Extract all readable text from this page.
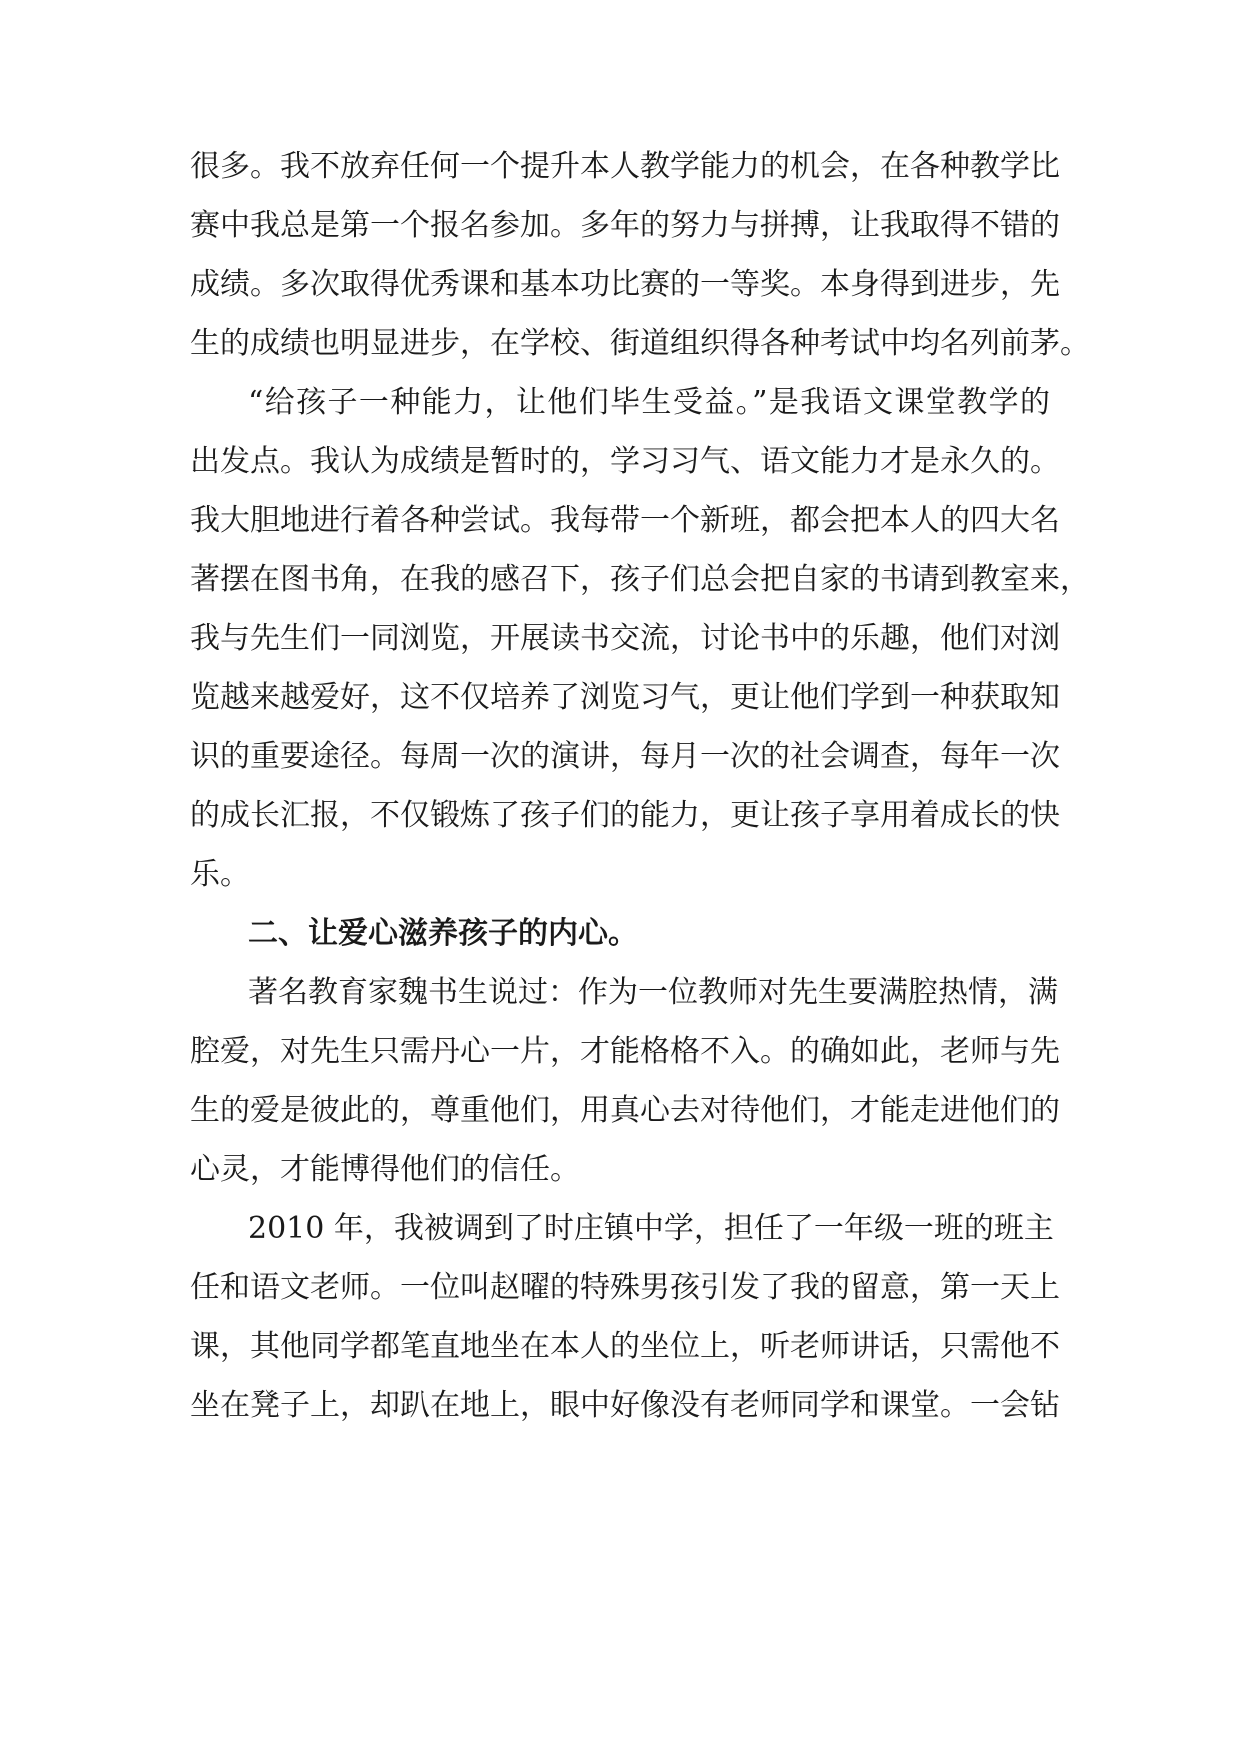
很多。我不放弃任何一个提升本人教学能力的机会，在各种教学比
赛中我总是第一个报名参加。多年的努力与拼搏，让我取得不错的
成绩。多次取得优秀课和基本功比赛的一等奖。本身得到进步，先
生的成绩也明显进步，在学校、街道组织得各种考试中均名列前茅。
“给孩子一种能力，让他们毕生受益。”是我语文课堂教学的
出发点。我认为成绩是暂时的，学习习气、语文能力才是永久的。
我大胆地进行着各种尝试。我每带一个新班，都会把本人的四大名
著摆在图书角，在我的感召下，孩子们总会把自家的书请到教室来，
我与先生们一同浏览，开展读书交流，讨论书中的乐趣，他们对浏
览越来越爱好，这不仅培养了浏览习气，更让他们学到一种获取知
识的重要途径。每周一次的演讲，每月一次的社会调查，每年一次
的成长汇报，不仅锻炼了孩子们的能力，更让孩子享用着成长的快
乐。
二、让爱心滋养孩子的内心。
著名教育家魏书生说过：作为一位教师对先生要满腔热情，满
腔爱，对先生只需丹心一片，才能格格不入。的确如此，老师与先
生的爱是彼此的，尊重他们，用真心去对待他们，才能走进他们的
心灵，才能博得他们的信任。
2010 年，我被调到了时庄镇中学，担任了一年级一班的班主
任和语文老师。一位叫赵曜的特殊男孩引发了我的留意，第一天上
课，其他同学都笔直地坐在本人的坐位上，听老师讲话，只需他不
坐在凳子上，却趴在地上，眼中好像没有老师同学和课堂。一会钻
